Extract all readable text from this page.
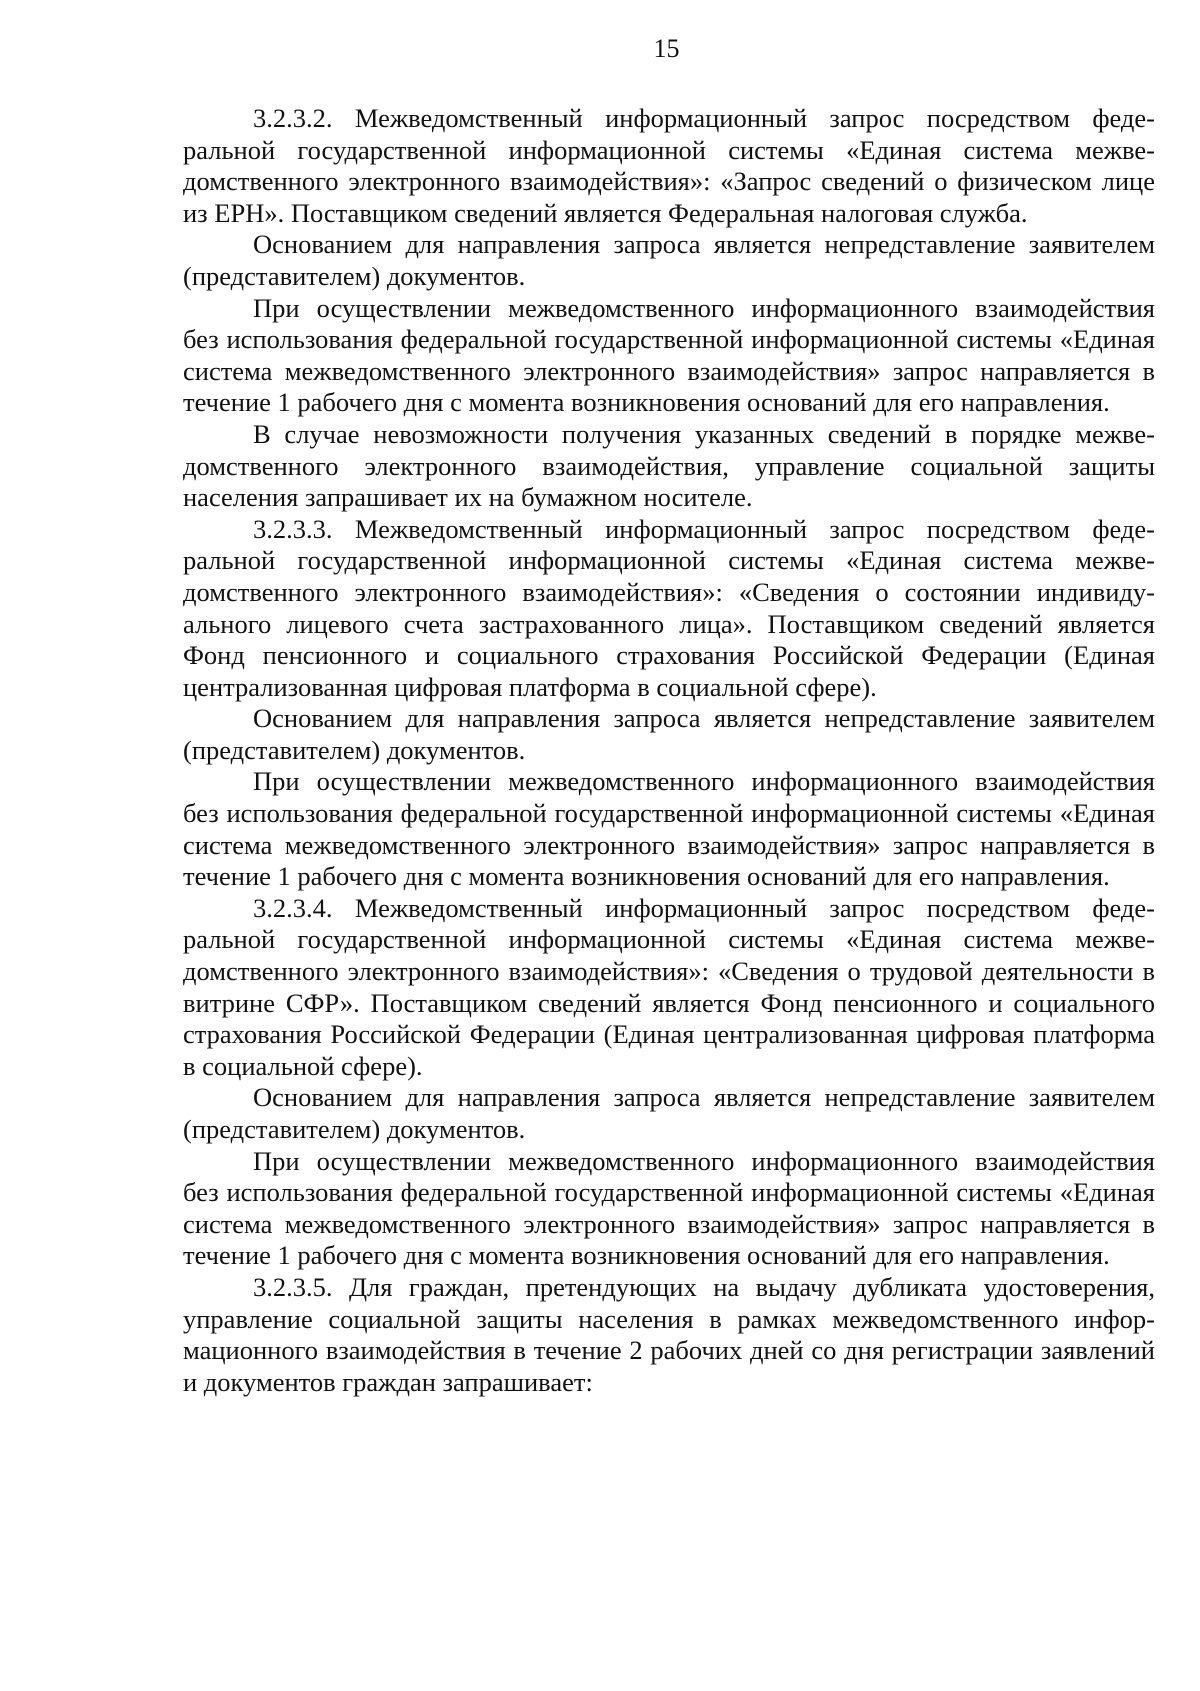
15

3.2.3.2. Межведомственный информационный запрос посредством федеральной государственной информационной системы «Единая система межведомственного электронного взаимодействия»: «Запрос сведений о физическом лице из ЕРН». Поставщиком сведений является Федеральная налоговая служба.

Основанием для направления запроса является непредставление заявителем (представителем) документов.

При осуществлении межведомственного информационного взаимодействия без использования федеральной государственной информационной системы «Единая система межведомственного электронного взаимодействия» запрос направляется в течение 1 рабочего дня с момента возникновения оснований для его направления.

В случае невозможности получения указанных сведений в порядке межведомственного электронного взаимодействия, управление социальной защиты населения запрашивает их на бумажном носителе.

3.2.3.3. Межведомственный информационный запрос посредством федеральной государственной информационной системы «Единая система межведомственного электронного взаимодействия»: «Сведения о состоянии индивидуального лицевого счета застрахованного лица». Поставщиком сведений является Фонд пенсионного и социального страхования Российской Федерации (Единая централизованная цифровая платформа в социальной сфере).

Основанием для направления запроса является непредставление заявителем (представителем) документов.

При осуществлении межведомственного информационного взаимодействия без использования федеральной государственной информационной системы «Единая система межведомственного электронного взаимодействия» запрос направляется в течение 1 рабочего дня с момента возникновения оснований для его направления.

3.2.3.4. Межведомственный информационный запрос посредством федеральной государственной информационной системы «Единая система межведомственного электронного взаимодействия»: «Сведения о трудовой деятельности в витрине СФР». Поставщиком сведений является Фонд пенсионного и социального страхования Российской Федерации (Единая централизованная цифровая платформа в социальной сфере).

Основанием для направления запроса является непредставление заявителем (представителем) документов.

При осуществлении межведомственного информационного взаимодействия без использования федеральной государственной информационной системы «Единая система межведомственного электронного взаимодействия» запрос направляется в течение 1 рабочего дня с момента возникновения оснований для его направления.

3.2.3.5. Для граждан, претендующих на выдачу дубликата удостоверения, управление социальной защиты населения в рамках межведомственного информационного взаимодействия в течение 2 рабочих дней со дня регистрации заявлений и документов граждан запрашивает:
